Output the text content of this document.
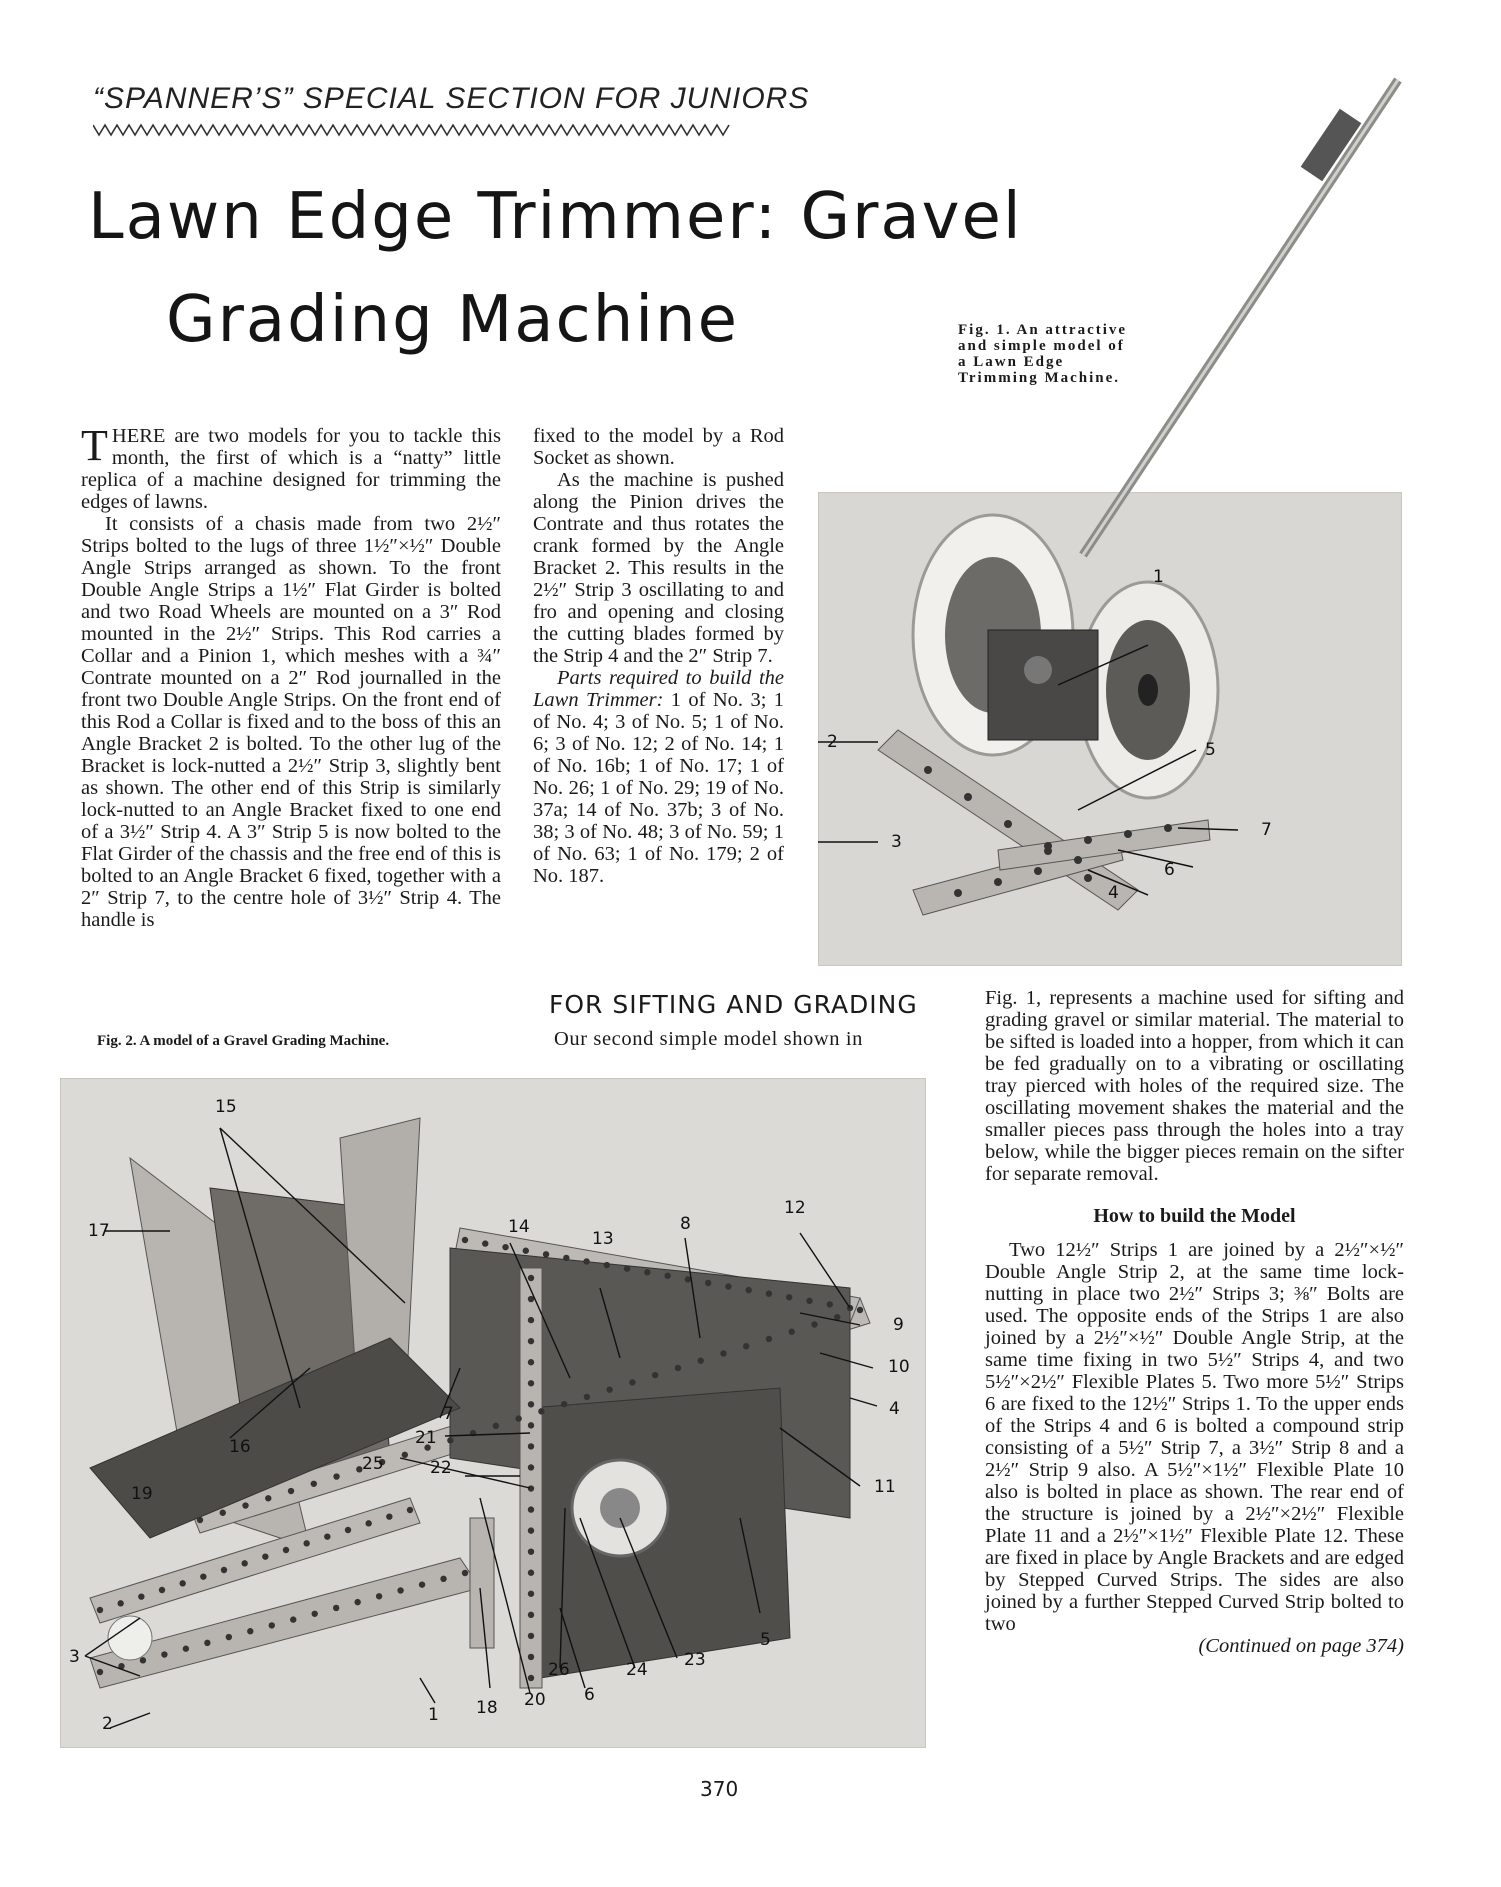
“SPANNER’S” SPECIAL SECTION FOR JUNIORS
Lawn Edge Trimmer: Gravel
Grading Machine
1
2
3
4
5
6
7
Fig. 1. An attractive and simple model of a Lawn Edge Trimming Machine.

THERE are two models for you to tackle this month, the first of which is a “natty” little replica of a machine designed for trimming the edges of lawns.

It consists of a chasis made from two 2½″ Strips bolted to the lugs of three 1½″×½″ Double Angle Strips arranged as shown. To the front Double Angle Strips a 1½″ Flat Girder is bolted and two Road Wheels are mounted on a 3″ Rod mounted in the 2½″ Strips. This Rod carries a Collar and a Pinion 1, which meshes with a ¾″ Contrate mounted on a 2″ Rod journalled in the front two Double Angle Strips. On the front end of this Rod a Collar is fixed and to the boss of this an Angle Bracket 2 is bolted. To the other lug of the Bracket is lock-nutted a 2½″ Strip 3, slightly bent as shown. The other end of this Strip is similarly lock-nutted to an Angle Bracket fixed to one end of a 3½″ Strip 4. A 3″ Strip 5 is now bolted to the Flat Girder of the chassis and the free end of this is bolted to an Angle Bracket 6 fixed, together with a 2″ Strip 7, to the centre hole of 3½″ Strip 4. The handle is

fixed to the model by a Rod Socket as shown.

As the machine is pushed along the Pinion drives the Contrate and thus rotates the crank formed by the Angle Bracket 2. This results in the 2½″ Strip 3 oscillating to and fro and opening and closing the cutting blades formed by the Strip 4 and the 2″ Strip 7.

Parts required to build the Lawn Trimmer: 1 of No. 3; 1 of No. 4; 3 of No. 5; 1 of No. 6; 3 of No. 12; 2 of No. 14; 1 of No. 16b; 1 of No. 17; 1 of No. 26; 1 of No. 29; 19 of No. 37a; 14 of No. 37b; 3 of No. 38; 3 of No. 48; 3 of No. 59; 1 of No. 63; 1 of No. 179; 2 of No. 187.

FOR SIFTING AND GRADING
Our second simple model shown in
Fig. 2. A model of a Gravel Grading Machine.
15
17
16
19
3
2
14
13
8
12
9
10
4
7
21
25	22
11
26	24 23
5
18 20 6
1

Fig. 1, represents a machine used for sifting and grading gravel or similar material. The material to be sifted is loaded into a hopper, from which it can be fed gradually on to a vibrating or oscillating tray pierced with holes of the required size. The oscillating movement shakes the material and the smaller pieces pass through the holes into a tray below, while the bigger pieces remain on the sifter for separate removal.

How to build the Model

Two 12½″ Strips 1 are joined by a 2½″×½″ Double Angle Strip 2, at the same time lock-nutting in place two 2½″ Strips 3; ⅜″ Bolts are used. The opposite ends of the Strips 1 are also joined by a 2½″×½″ Double Angle Strip, at the same time fixing in two 5½″ Strips 4, and two 5½″×2½″ Flexible Plates 5. Two more 5½″ Strips 6 are fixed to the 12½″ Strips 1. To the upper ends of the Strips 4 and 6 is bolted a compound strip consisting of a 5½″ Strip 7, a 3½″ Strip 8 and a 2½″ Strip 9 also. A 5½″×1½″ Flexible Plate 10 also is bolted in place as shown. The rear end of the structure is joined by a 2½″×2½″ Flexible Plate 11 and a 2½″×1½″ Flexible Plate 12. These are fixed in place by Angle Brackets and are edged by Stepped Curved Strips. The sides are also joined by a further Stepped Curved Strip bolted to two

(Continued on page 374)

370
